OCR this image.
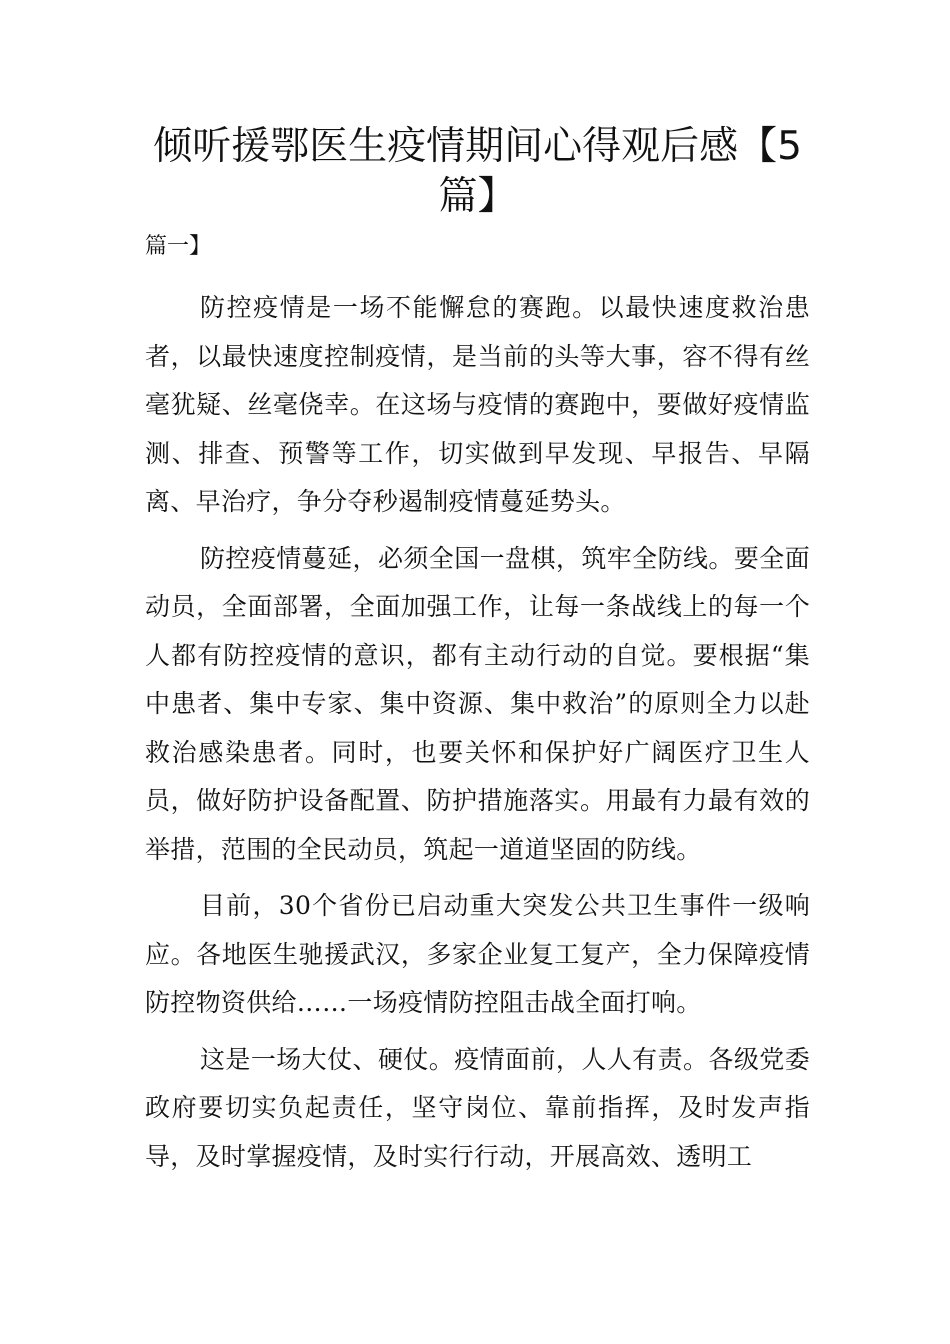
倾听援鄂医生疫情期间心得观后感【5篇】

篇一】

防控疫情是一场不能懈怠的赛跑。以最快速度救治患者，以最快速度控制疫情，是当前的头等大事，容不得有丝毫犹疑、丝毫侥幸。在这场与疫情的赛跑中，要做好疫情监测、排查、预警等工作，切实做到早发现、早报告、早隔离、早治疗，争分夺秒遏制疫情蔓延势头。

防控疫情蔓延，必须全国一盘棋，筑牢全防线。要全面动员，全面部署，全面加强工作，让每一条战线上的每一个人都有防控疫情的意识，都有主动行动的自觉。要根据“集中患者、集中专家、集中资源、集中救治”的原则全力以赴救治感染患者。同时，也要关怀和保护好广阔医疗卫生人员，做好防护设备配置、防护措施落实。用最有力最有效的举措，范围的全民动员，筑起一道道坚固的防线。

目前，30个省份已启动重大突发公共卫生事件一级响应。各地医生驰援武汉，多家企业复工复产，全力保障疫情防控物资供给……一场疫情防控阻击战全面打响。

这是一场大仗、硬仗。疫情面前，人人有责。各级党委政府要切实负起责任，坚守岗位、靠前指挥，及时发声指导，及时掌握疫情，及时实行行动，开展高效、透明工
